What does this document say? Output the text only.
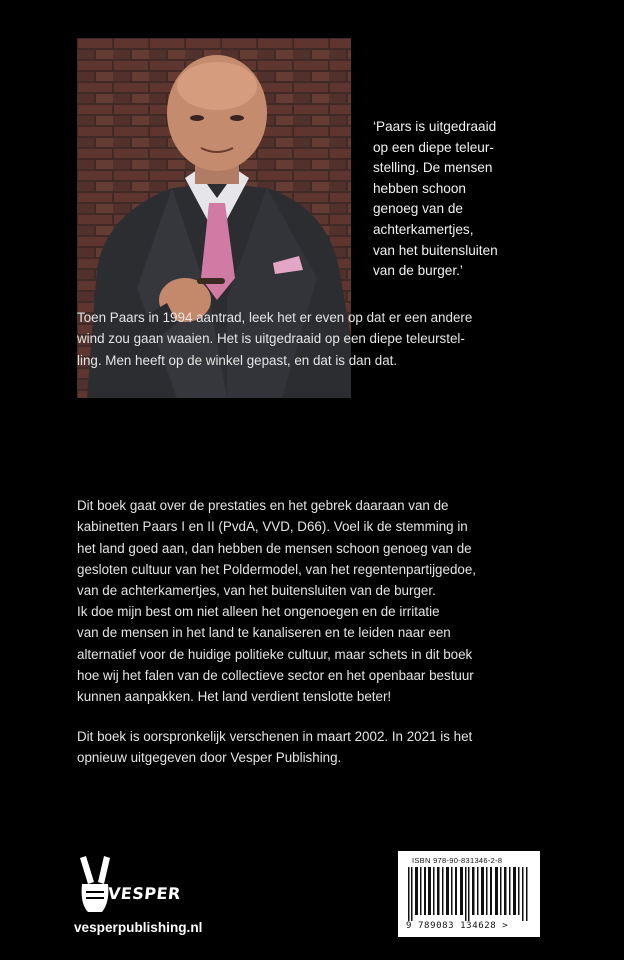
‘Paars is uitgedraaid
op een diepe teleur-
stelling. De mensen
hebben schoon
genoeg van de
achterkamertjes,
van het buitensluiten
van de burger.’

Toen Paars in 1994 aantrad, leek het er even op dat er een andere
wind zou gaan waaien. Het is uitgedraaid op een diepe teleurstel-
ling. Men heeft op de winkel gepast, en dat is dan dat.

Dit boek gaat over de prestaties en het gebrek daaraan van de
kabinetten Paars I en II (PvdA, VVD, D66). Voel ik de stemming in
het land goed aan, dan hebben de mensen schoon genoeg van de
gesloten cultuur van het Poldermodel, van het regentenpartijgedoe,
van de achterkamertjes, van het buitensluiten van de burger.

Ik doe mijn best om niet alleen het ongenoegen en de irritatie
van de mensen in het land te kanaliseren en te leiden naar een
alternatief voor de huidige politieke cultuur, maar schets in dit boek
hoe wij het falen van de collectieve sector en het openbaar bestuur
kunnen aanpakken. Het land verdient tenslotte beter!

Dit boek is oorspronkelijk verschenen in maart 2002. In 2021 is het
opnieuw uitgegeven door Vesper Publishing.

VESPER
vesperpublishing.nl
ISBN 978-90-831346-2-8
9 789083 134628 >
